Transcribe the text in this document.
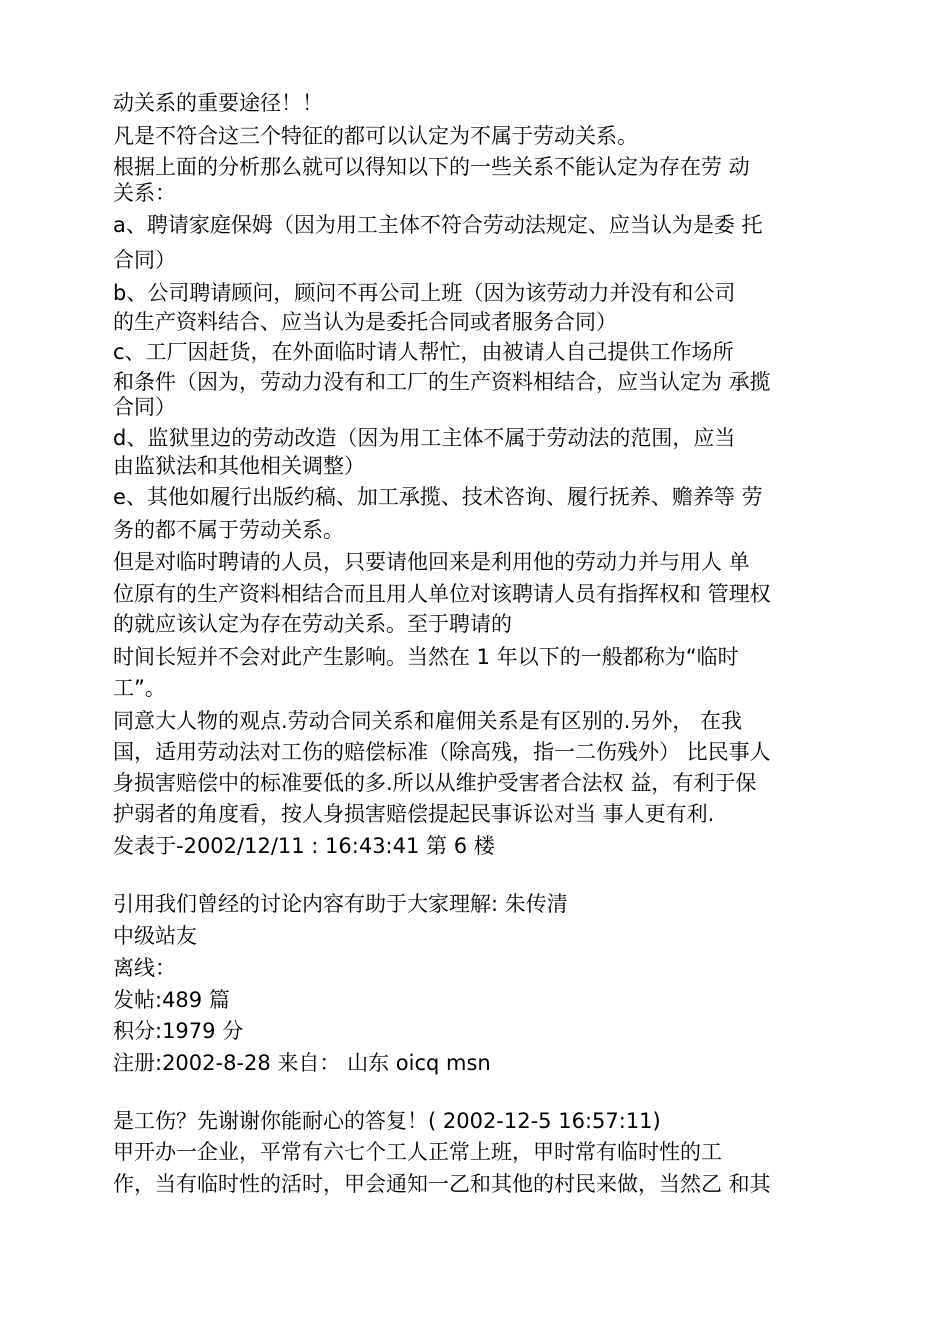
动关系的重要途径！！
凡是不符合这三个特征的都可以认定为不属于劳动关系。
根据上面的分析那么就可以得知以下的一些关系不能认定为存在劳 动
关系：
a、聘请家庭保姆（因为用工主体不符合劳动法规定、应当认为是委 托
合同）
b、公司聘请顾问，顾问不再公司上班（因为该劳动力并没有和公司
的生产资料结合、应当认为是委托合同或者服务合同）
c、工厂因赶货，在外面临时请人帮忙，由被请人自己提供工作场所
和条件（因为，劳动力没有和工厂的生产资料相结合，应当认定为 承揽
合同）
d、监狱里边的劳动改造（因为用工主体不属于劳动法的范围，应当
由监狱法和其他相关调整）
e、其他如履行出版约稿、加工承揽、技术咨询、履行抚养、赡养等 劳
务的都不属于劳动关系。
但是对临时聘请的人员，只要请他回来是利用他的劳动力并与用人 单
位原有的生产资料相结合而且用人单位对该聘请人员有指挥权和 管理权
的就应该认定为存在劳动关系。至于聘请的
时间长短并不会对此产生影响。当然在 1 年以下的一般都称为“临时
工”。
同意大人物的观点.劳动合同关系和雇佣关系是有区别的.另外， 在我
国，适用劳动法对工伤的赔偿标准（除高残，指一二伤残外） 比民事人
身损害赔偿中的标准要低的多.所以从维护受害者合法权 益，有利于保
护弱者的角度看，按人身损害赔偿提起民事诉讼对当 事人更有利.
发表于-2002/12/11 : 16:43:41 第 6 楼
引用我们曾经的讨论内容有助于大家理解: 朱传清
中级站友
离线：
发帖:489 篇
积分:1979 分
注册:2002-8-28 来自： 山东 oicq msn
是工伤？先谢谢你能耐心的答复！( 2002-12-5 16:57:11)
甲开办一企业，平常有六七个工人正常上班，甲时常有临时性的工
作，当有临时性的活时，甲会通知一乙和其他的村民来做，当然乙 和其
